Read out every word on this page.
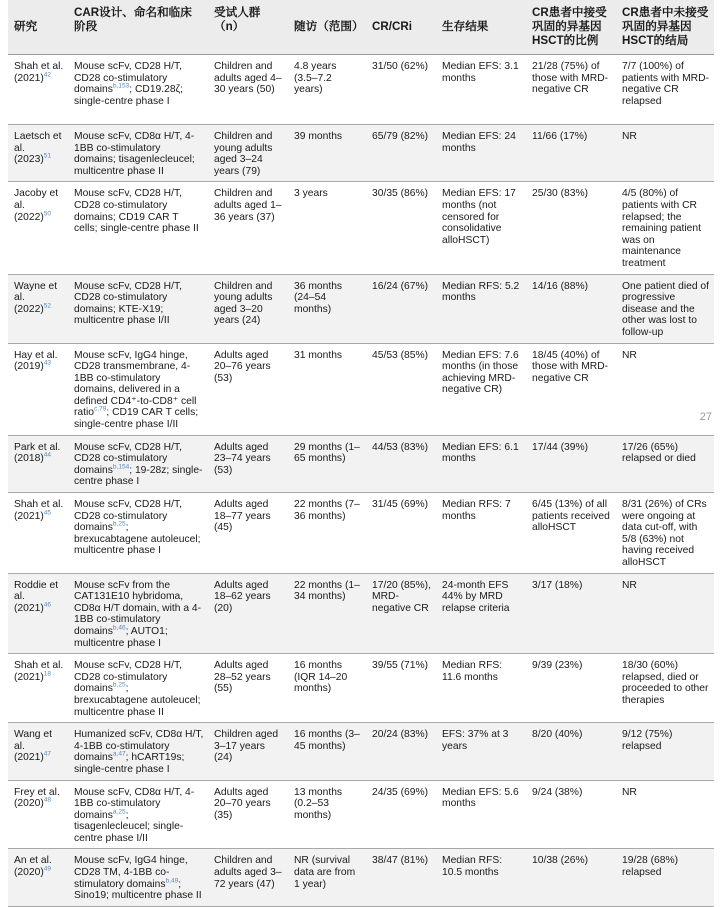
研究	CAR设计、命名和临床阶段	受试人群（n）	随访（范围）	CR/CRi	生存结果	CR患者中接受巩固的异基因HSCT的比例	CR患者中未接受巩固的异基因HSCT的结局
Shah et al. (2021)$^{42}$	Mouse scFv, CD28 H/T, CD28 co-stimulatory domains$^{b,153}$; CD19.28ζ; single-centre phase I	Children and adults aged 4–30 years (50)	4.8 years (3.5–7.2 years)	31/50 (62%)	Median EFS: 3.1 months	21/28 (75%) of those with MRD-negative CR	7/7 (100%) of patients with MRD-negative CR relapsed
Laetsch et al. (2023)$^{51}$	Mouse scFv, CD8α H/T, 4-1BB co-stimulatory domains; tisagenlecleucel; multicentre phase II	Children and young adults aged 3–24 years (79)	39 months	65/79 (82%)	Median EFS: 24 months	11/66 (17%)	NR
Jacoby et al. (2022)$^{50}$	Mouse scFv, CD28 H/T, CD28 co-stimulatory domains; CD19 CAR T cells; single-centre phase II	Children and adults aged 1–36 years (37)	3 years	30/35 (86%)	Median EFS: 17 months (not censored for consolidative alloHSCT)	25/30 (83%)	4/5 (80%) of patients with CR relapsed; the remaining patient was on maintenance treatment
Wayne et al. (2022)$^{52}$	Mouse scFv, CD28 H/T, CD28 co-stimulatory domains; KTE-X19; multicentre phase I/II	Children and young adults aged 3–20 years (24)	36 months (24–54 months)	16/24 (67%)	Median RFS: 5.2 months	14/16 (88%)	One patient died of progressive disease and the other was lost to follow-up
Hay et al. (2019)$^{43}$	Mouse scFv, IgG4 hinge, CD28 transmembrane, 4-1BB co-stimulatory domains, delivered in a defined CD4⁺-to-CD8⁺ cell ratio$^{c,79}$; CD19 CAR T cells; single-centre phase I/II	Adults aged 20–76 years (53)	31 months	45/53 (85%)	Median EFS: 7.6 months (in those achieving MRD-negative CR)	18/45 (40%) of those with MRD-negative CR	NR
Park et al. (2018)$^{44}$	Mouse scFv, CD28 H/T, CD28 co-stimulatory domains$^{b,154}$; 19-28z; single-centre phase I	Adults aged 23–74 years (53)	29 months (1–65 months)	44/53 (83%)	Median EFS: 6.1 months	17/44 (39%)	17/26 (65%) relapsed or died
Shah et al. (2021)$^{45}$	Mouse scFv, CD28 H/T, CD28 co-stimulatory domains$^{b,25}$; brexucabtagene autoleucel; multicentre phase I	Adults aged 18–77 years (45)	22 months (7–36 months)	31/45 (69%)	Median RFS: 7 months	6/45 (13%) of all patients received alloHSCT	8/31 (26%) of CRs were ongoing at data cut-off, with 5/8 (63%) not having received alloHSCT
Roddie et al. (2021)$^{46}$	Mouse scFv from the CAT131E10 hybridoma, CD8α H/T domain, with a 4-1BB co-stimulatory domains$^{b,46}$; AUTO1; multicentre phase I	Adults aged 18–62 years (20)	22 months (1–34 months)	17/20 (85%), MRD-negative CR	24-month EFS 44% by MRD relapse criteria	3/17 (18%)	NR
Shah et al. (2021)$^{18}$	Mouse scFv, CD28 H/T, CD28 co-stimulatory domains$^{b,25}$; brexucabtagene autoleucel; multicentre phase II	Adults aged 28–52 years (55)	16 months (IQR 14–20 months)	39/55 (71%)	Median RFS: 11.6 months	9/39 (23%)	18/30 (60%) relapsed, died or proceeded to other therapies
Wang et al. (2021)$^{47}$	Humanized scFv, CD8α H/T, 4-1BB co-stimulatory domains$^{a,47}$; hCART19s; single-centre phase I	Children aged 3–17 years (24)	16 months (3–45 months)	20/24 (83%)	EFS: 37% at 3 years	8/20 (40%)	9/12 (75%) relapsed
Frey et al. (2020)$^{48}$	Mouse scFv, CD8α H/T, 4-1BB co-stimulatory domains$^{a,25}$; tisagenlecleucel; single-centre phase I/II	Adults aged 20–70 years (35)	13 months (0.2–53 months)	24/35 (69%)	Median EFS: 5.6 months	9/24 (38%)	NR
An et al. (2020)$^{49}$	Mouse scFv, IgG4 hinge, CD28 TM, 4-1BB co-stimulatory domains$^{b,49}$; Sino19; multicentre phase II	Children and adults aged 3–72 years (47)	NR (survival data are from 1 year)	38/47 (81%)	Median RFS: 10.5 months	10/38 (26%)	19/28 (68%) relapsed
27
